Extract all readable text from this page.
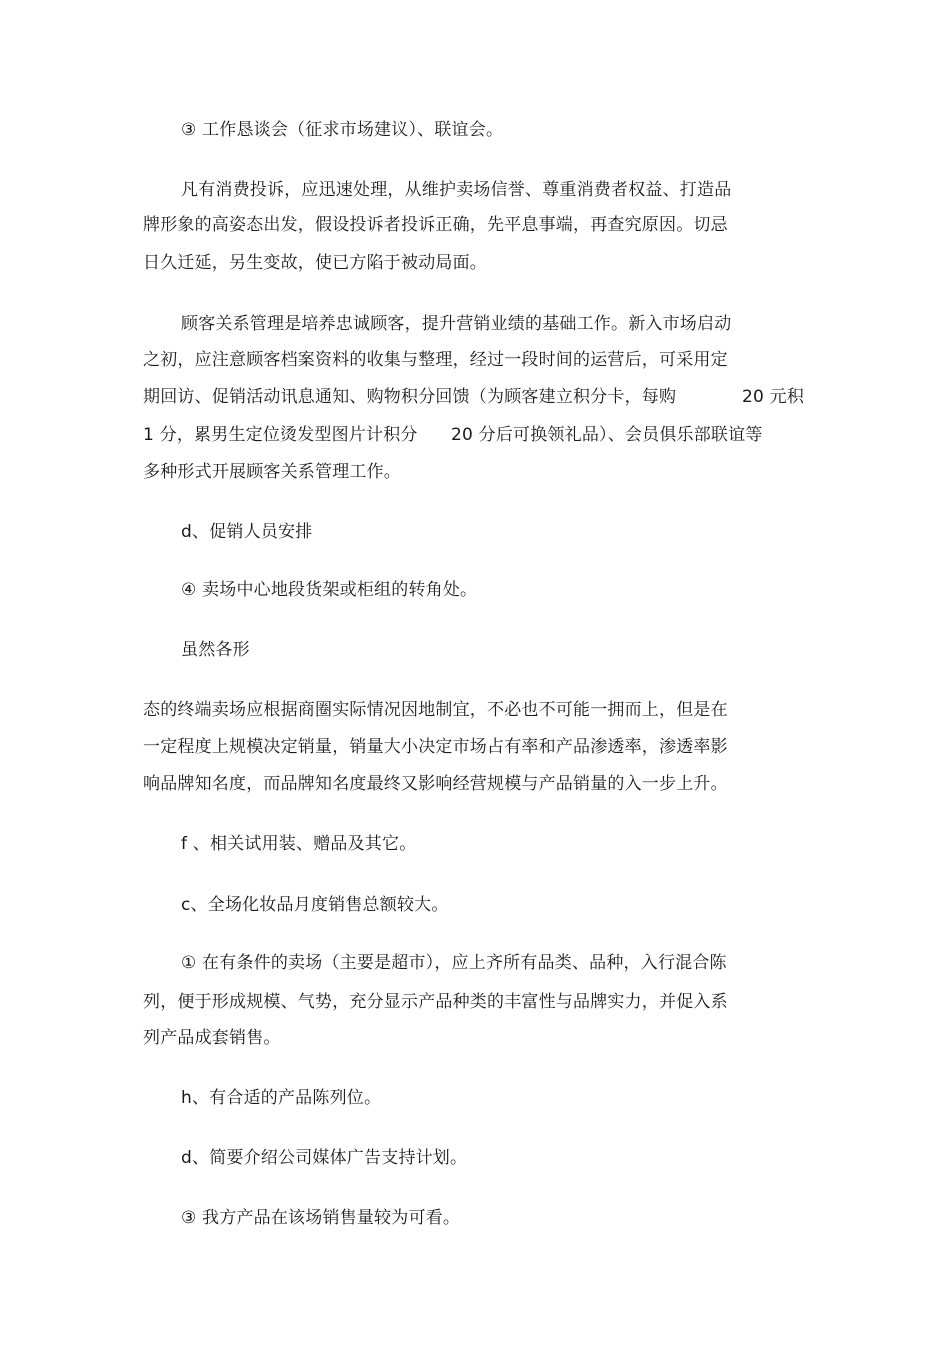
③ 工作恳谈会（征求市场建议）、联谊会。
凡有消费投诉，应迅速处理，从维护卖场信誉、尊重消费者权益、打造品
牌形象的高姿态出发，假设投诉者投诉正确，先平息事端，再查究原因。切忌
日久迁延，另生变故，使已方陷于被动局面。
顾客关系管理是培养忠诚顾客，提升营销业绩的基础工作。新入市场启动
之初，应注意顾客档案资料的收集与整理，经过一段时间的运营后，可采用定
期回访、促销活动讯息通知、购物积分回馈（为顾客建立积分卡，每购	20 元积
1 分，累男生定位烫发型图片计积分 20 分后可换领礼品）、会员俱乐部联谊等
多种形式开展顾客关系管理工作。
d、促销人员安排
④ 卖场中心地段货架或柜组的转角处。
虽然各形
态的终端卖场应根据商圈实际情况因地制宜，不必也不可能一拥而上，但是在
一定程度上规模决定销量，销量大小决定市场占有率和产品渗透率，渗透率影
响品牌知名度，而品牌知名度最终又影响经营规模与产品销量的入一步上升。
f 、相关试用装、赠品及其它。
c、全场化妆品月度销售总额较大。
① 在有条件的卖场（主要是超市），应上齐所有品类、品种，入行混合陈
列，便于形成规模、气势，充分显示产品种类的丰富性与品牌实力，并促入系
列产品成套销售。
h、有合适的产品陈列位。
d、简要介绍公司媒体广告支持计划。
③ 我方产品在该场销售量较为可看。
